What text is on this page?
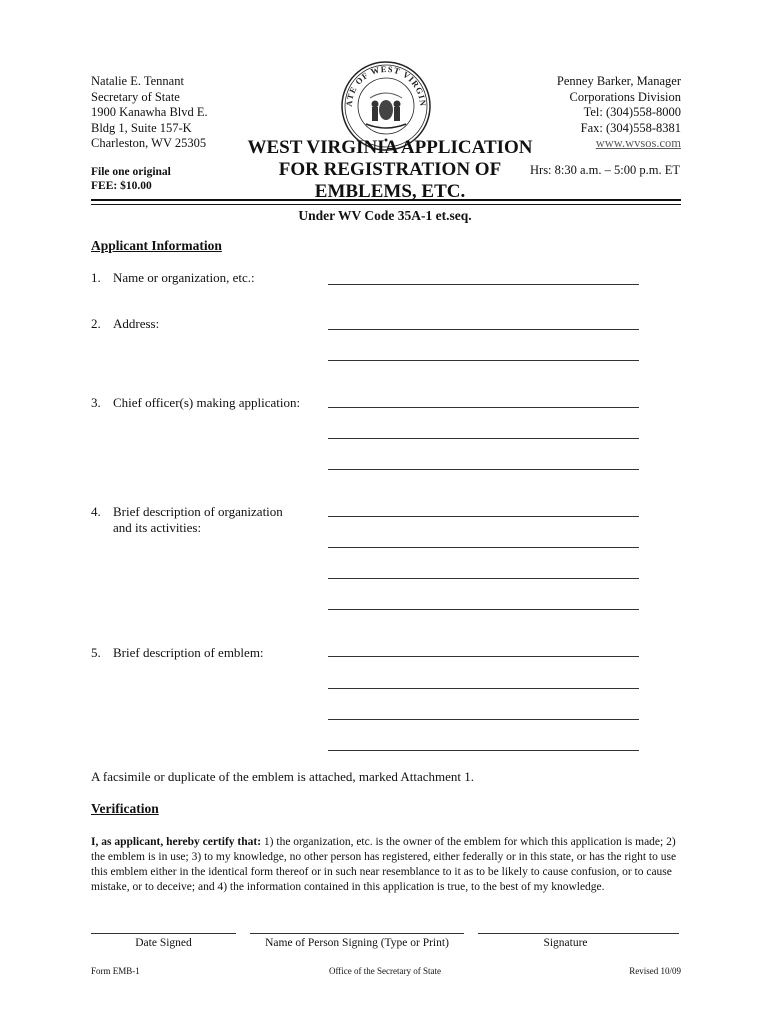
Natalie E. Tennant
Secretary of State
1900 Kanawha Blvd E.
Bldg 1, Suite 157-K
Charleston, WV 25305
Penney Barker, Manager
Corporations Division
Tel: (304)558-8000
Fax: (304)558-8381
www.wvsos.com
ATE OF WEST VIRGIN
WEST VIRGINIA APPLICATION
FOR REGISTRATION OF
EMBLEMS, ETC.
File one original
FEE: $10.00
Hrs: 8:30 a.m. – 5:00 p.m. ET
Under WV Code 35A-1 et.seq.
Applicant Information
1. Name or organization, etc.:
2. Address:
3. Chief officer(s) making application:
4. Brief description of organization
and its activities:
5. Brief description of emblem:
A facsimile or duplicate of the emblem is attached, marked Attachment 1.
Verification
I, as applicant, hereby certify that: 1) the organization, etc. is the owner of the emblem for which this application is made; 2) the emblem is in use; 3) to my knowledge, no other person has registered, either federally or in this state, or has the right to use this emblem either in the identical form thereof or in such near resemblance to it as to be likely to cause confusion, or to cause mistake, or to deceive; and 4) the information contained in this application is true, to the best of my knowledge.
Date Signed	Name of Person Signing (Type or Print)	Signature
Form EMB-1	Office of the Secretary of State	Revised 10/09
